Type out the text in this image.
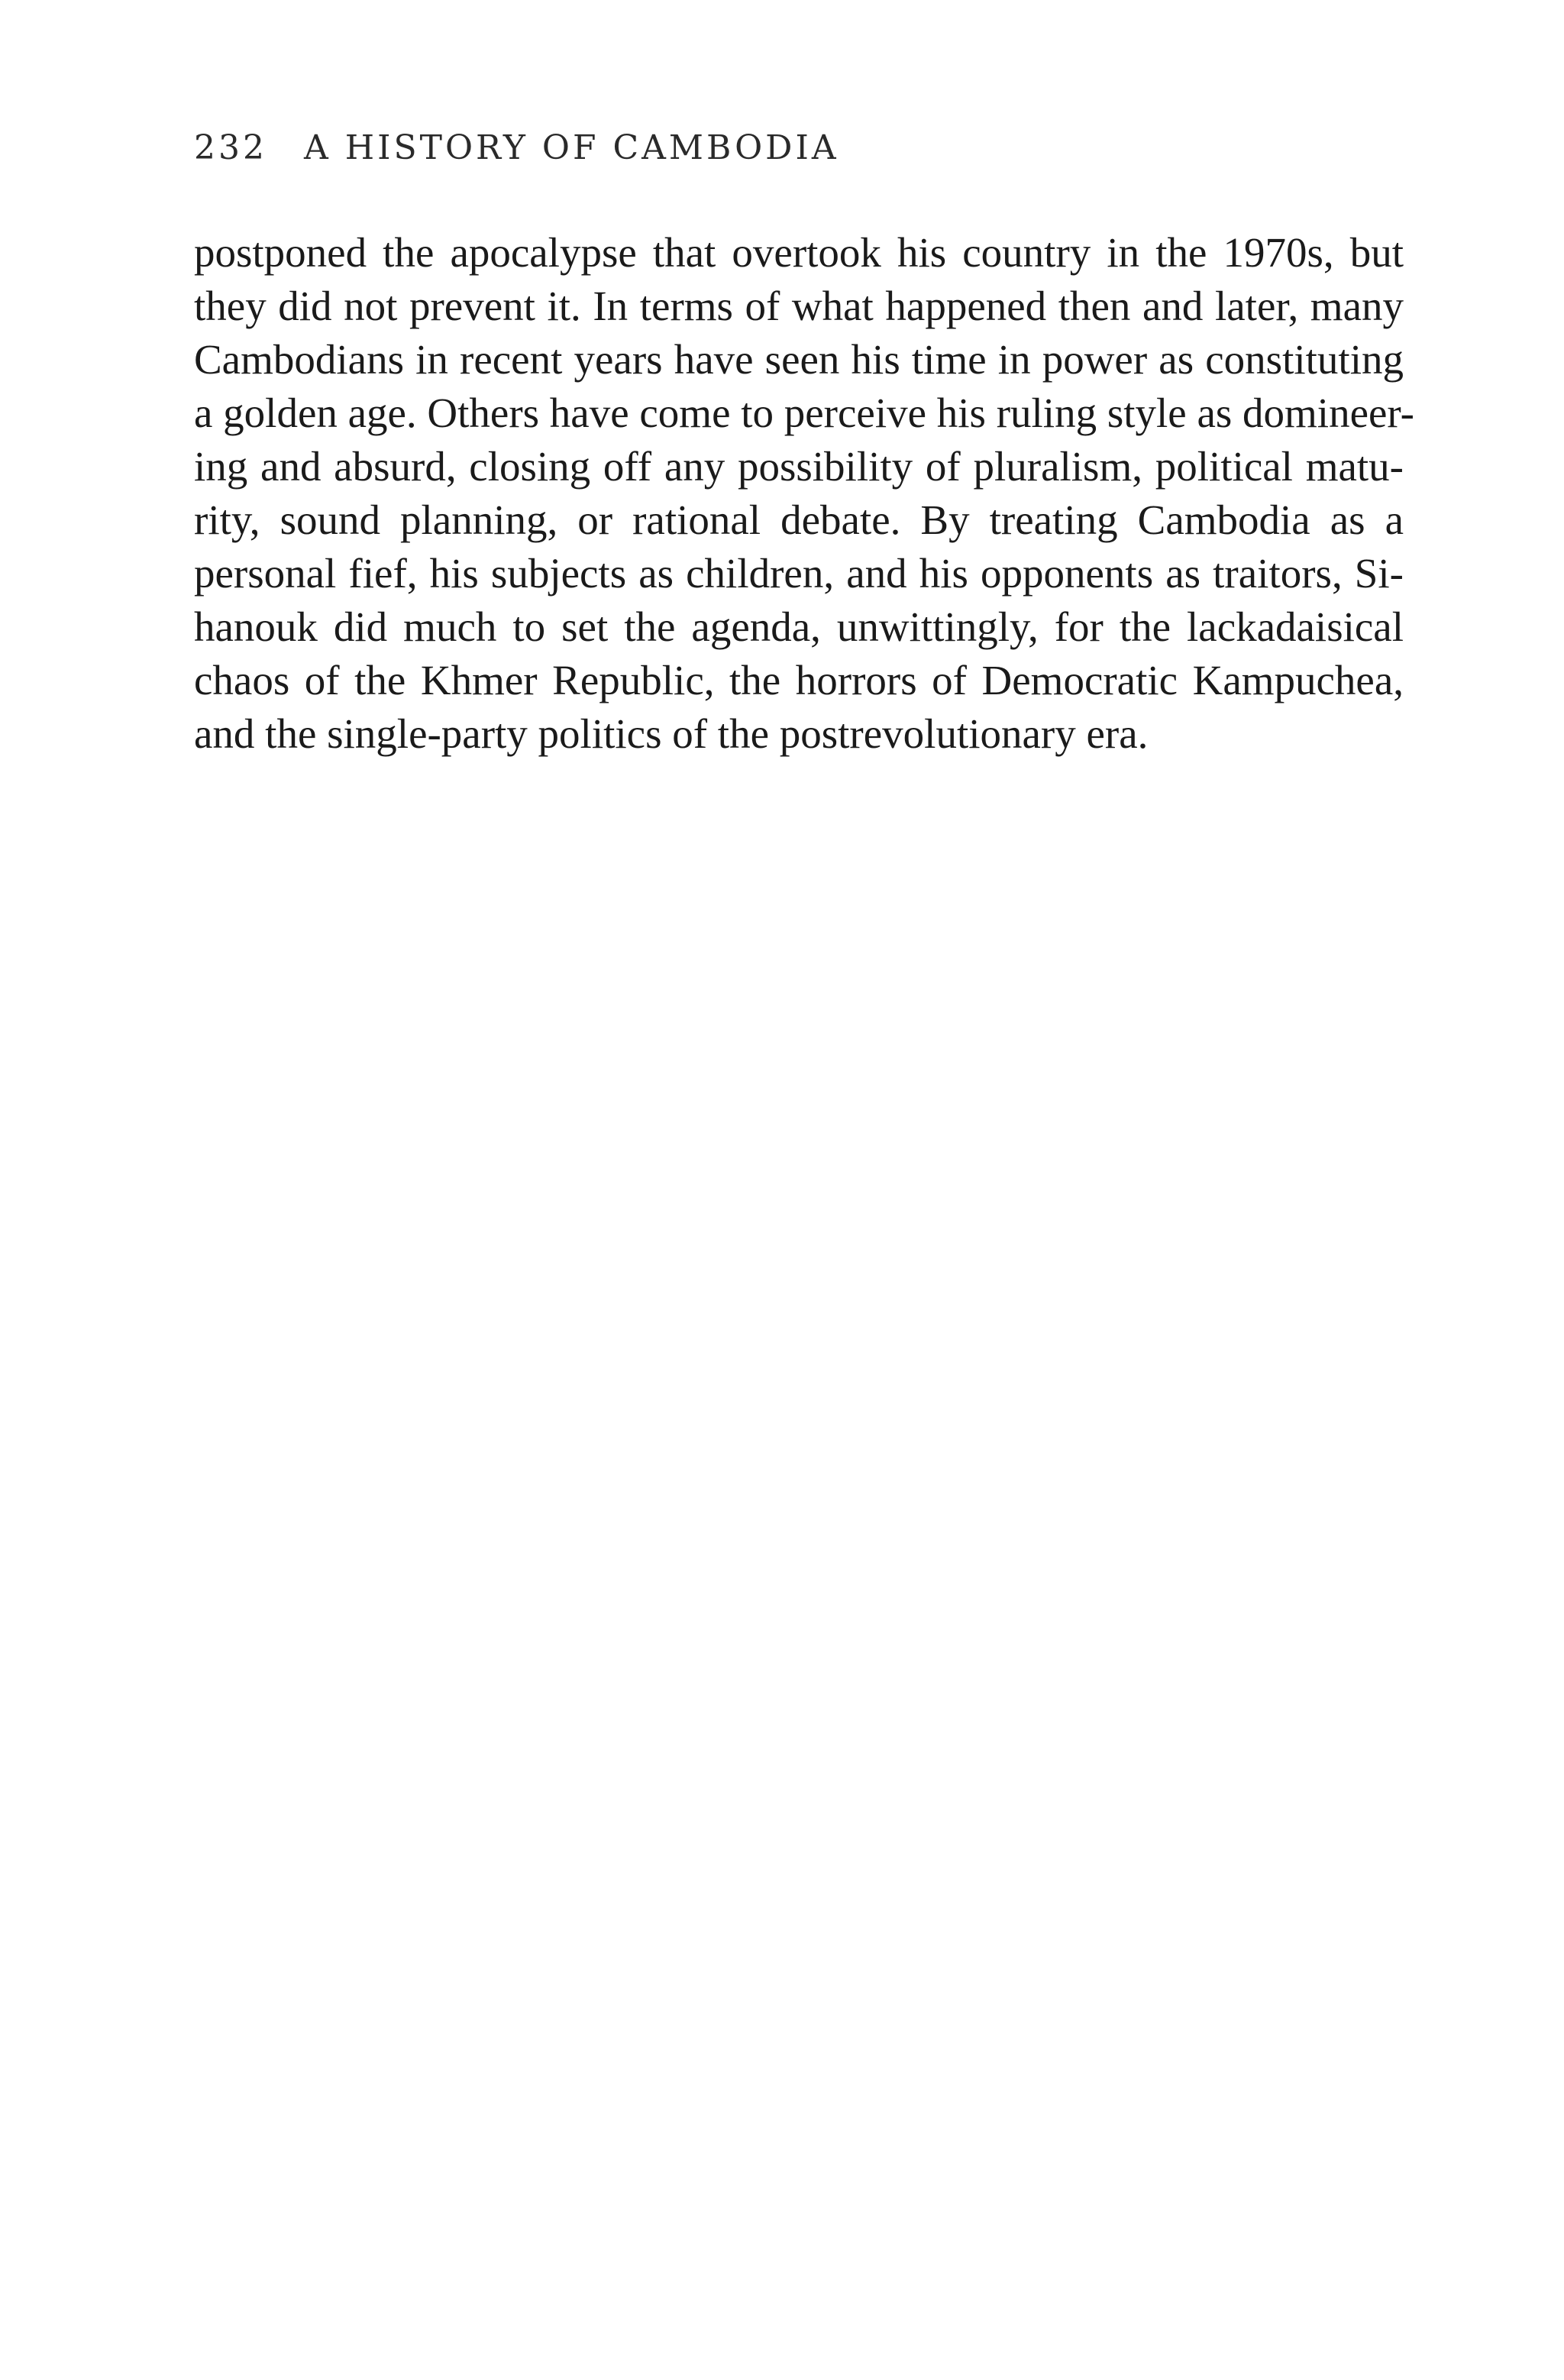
232 A HISTORY OF CAMBODIA
postponed the apocalypse that overtook his country in the 1970s, but
they did not prevent it. In terms of what happened then and later, many
Cambodians in recent years have seen his time in power as constituting
a golden age. Others have come to perceive his ruling style as domineer-
ing and absurd, closing off any possibility of pluralism, political matu-
rity, sound planning, or rational debate. By treating Cambodia as a
personal fief, his subjects as children, and his opponents as traitors, Si-
hanouk did much to set the agenda, unwittingly, for the lackadaisical
chaos of the Khmer Republic, the horrors of Democratic Kampuchea,
and the single-party politics of the postrevolutionary era.
